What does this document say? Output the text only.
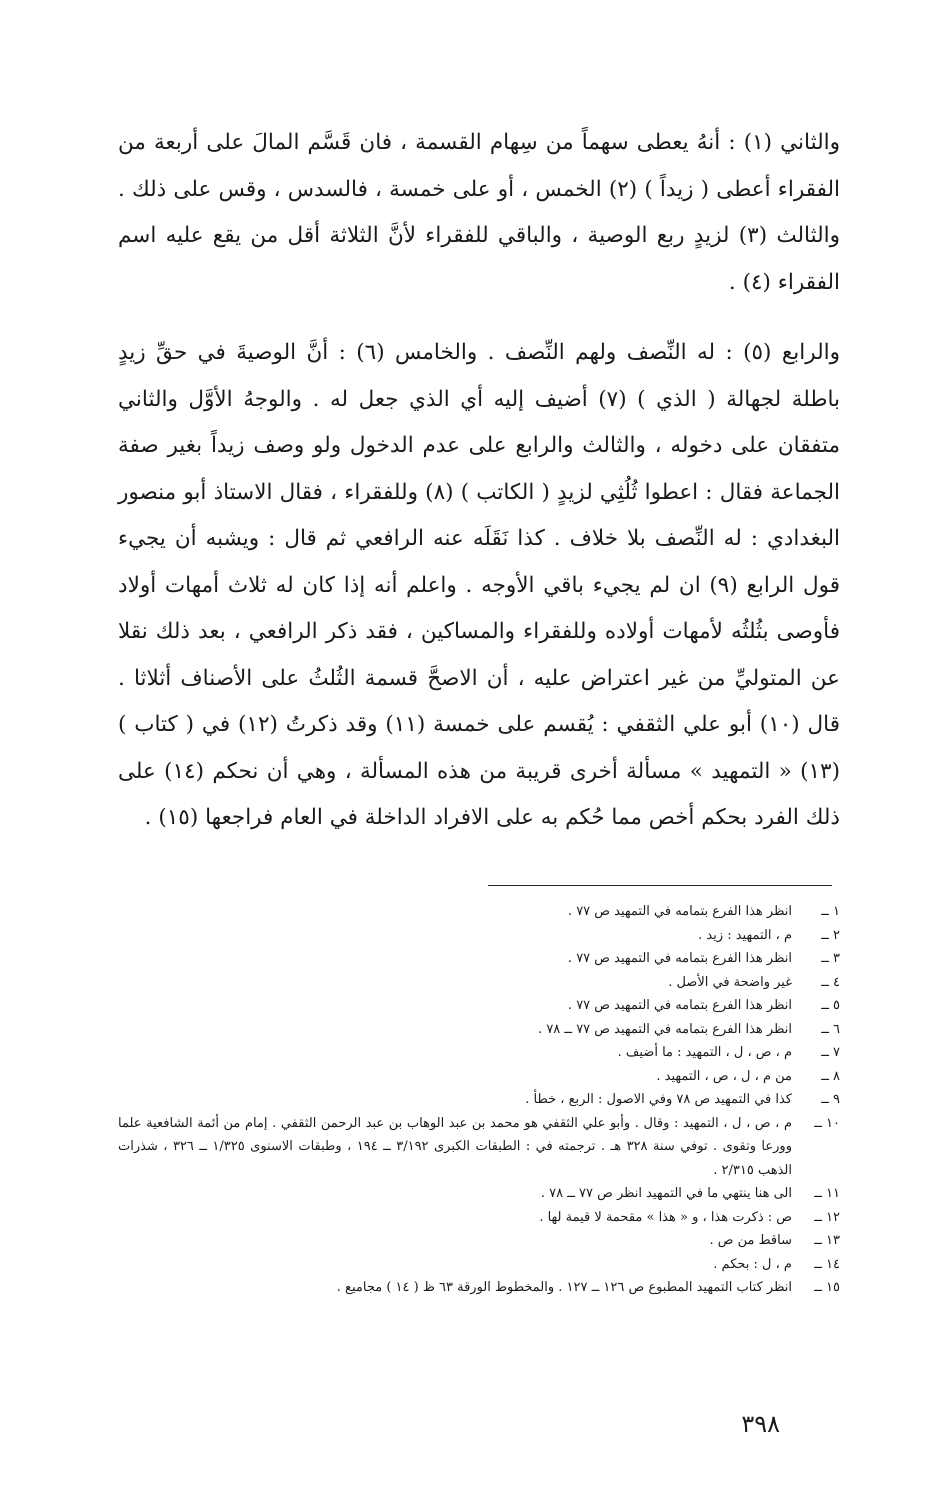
والثاني (١) : أنهُ يعطى سهماً من سِهام القسمة ، فان قَسَّم المالَ على أربعة من الفقراء أعطى ( زيداً ) (٢) الخمس ، أو على خمسة ، فالسدس ، وقس على ذلك . والثالث (٣) لزيدٍ ربع الوصية ، والباقي للفقراء لأنَّ الثلاثة أقل من يقع عليه اسم الفقراء (٤) .

والرابع (٥) : له النِّصف ولهم النِّصف . والخامس (٦) : أنَّ الوصيةَ في حقِّ زيدٍ باطلة لجهالة ( الذي ) (٧) أضيف إليه أي الذي جعل له . والوجهُ الأوَّل والثاني متفقان على دخوله ، والثالث والرابع على عدم الدخول ولو وصف زيداً بغير صفة الجماعة فقال : اعطوا ثُلُثِي لزيدٍ ( الكاتب ) (٨) وللفقراء ، فقال الاستاذ أبو منصور البغدادي : له النِّصف بلا خلاف . كذا نَقَلَه عنه الرافعي ثم قال : ويشبه أن يجيء قول الرابع (٩) ان لم يجيء باقي الأوجه . واعلم أنه إذا كان له ثلاث أمهات أولاد فأوصى بثُلثُه لأمهات أولاده وللفقراء والمساكين ، فقد ذكر الرافعي ، بعد ذلك نقلا عن المتوليِّ من غير اعتراض عليه ، أن الاصحَّ قسمة الثُلثُ على الأصناف أثلاثا . قال (١٠) أبو علي الثقفي : يُقسم على خمسة (١١) وقد ذكرتُ (١٢) في ( كتاب ) (١٣) « التمهيد » مسألة أخرى قريبة من هذه المسألة ، وهي أن نحكم (١٤) على ذلك الفرد بحكم أخص مما حُكم به على الافراد الداخلة في العام فراجعها (١٥) .

١ ــ
انظر هذا الفرع بتمامه في التمهيد ص ٧٧ .
٢ ــ
م ، التمهيد : زيد .
٣ ــ
انظر هذا الفرع بتمامه في التمهيد ص ٧٧ .
٤ ــ
غير واضحة في الأصل .
٥ ــ
انظر هذا الفرع بتمامه في التمهيد ص ٧٧ .
٦ ــ
انظر هذا الفرع بتمامه في التمهيد ص ٧٧ ــ ٧٨ .
٧ ــ
م ، ص ، ل ، التمهيد : ما أضيف .
٨ ــ
من م ، ل ، ص ، التمهيد .
٩ ــ
كذا في التمهيد ص ٧٨ وفي الاصول : الربع ، خطأ .
١٠ ــ
م ، ص ، ل ، التمهيد : وقال . وأبو علي الثقفي هو محمد بن عبد الوهاب بن عبد الرحمن الثقفي . إمام من أئمة الشافعية علما وورعا وتقوى . توفي سنة ٣٢٨ هـ . ترجمته في : الطبقات الكبرى ٣/١٩٢ ــ ١٩٤ ، وطبقات الاسنوى ١/٣٢٥ ــ ٣٢٦ ، شذرات الذهب ٢/٣١٥ .
١١ ــ
الى هنا ينتهي ما في التمهيد انظر ص ٧٧ ــ ٧٨ .
١٢ ــ
ص : ذكرت هذا ، و « هذا » مقحمة لا قيمة لها .
١٣ ــ
ساقط من ص .
١٤ ــ
م ، ل : بحكم .
١٥ ــ
انظر كتاب التمهيد المطبوع ص ١٢٦ ــ ١٢٧ . والمخطوط الورقة ٦٣ ظ ( ١٤ ) مجاميع .
٣٩٨
